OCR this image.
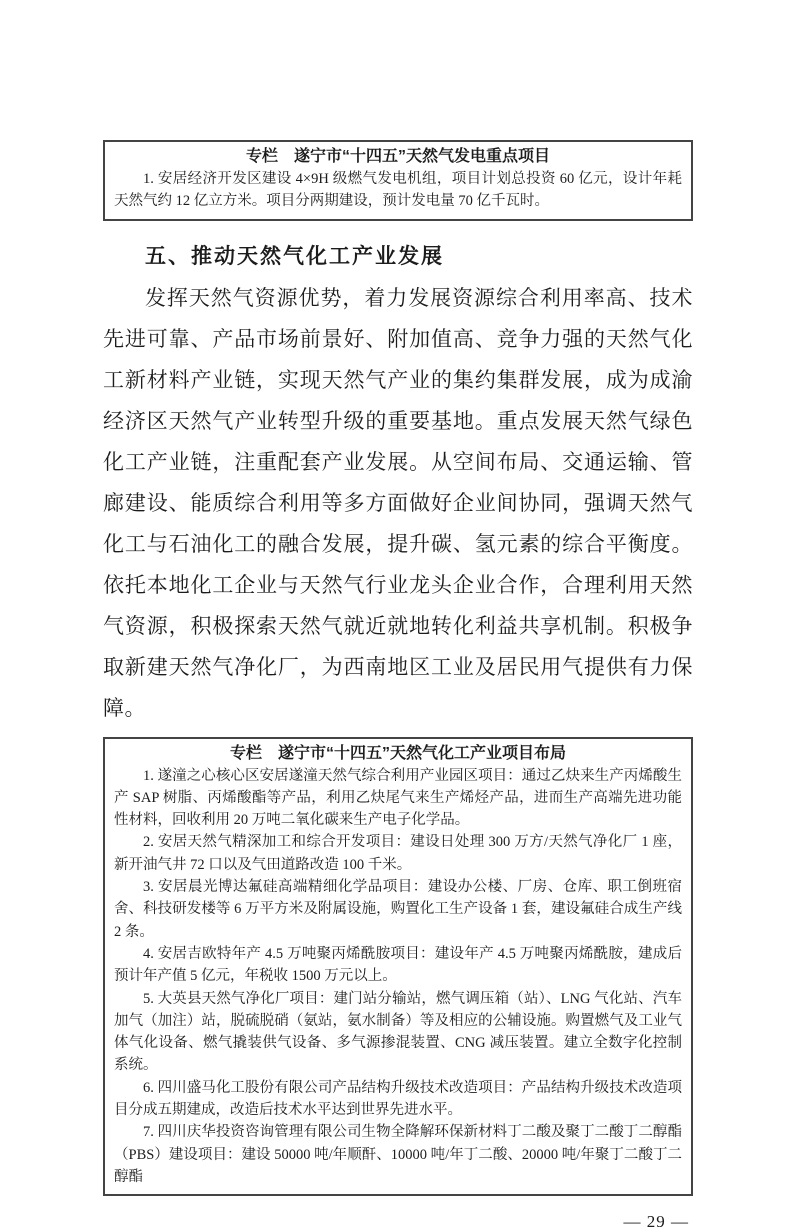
专栏　遂宁市“十四五”天然气发电重点项目

1. 安居经济开发区建设 4×9H 级燃气发电机组，项目计划总投资 60 亿元，设计年耗天然气约 12 亿立方米。项目分两期建设，预计发电量 70 亿千瓦时。

五、推动天然气化工产业发展

发挥天然气资源优势，着力发展资源综合利用率高、技术先进可靠、产品市场前景好、附加值高、竞争力强的天然气化工新材料产业链，实现天然气产业的集约集群发展，成为成渝经济区天然气产业转型升级的重要基地。重点发展天然气绿色化工产业链，注重配套产业发展。从空间布局、交通运输、管廊建设、能质综合利用等多方面做好企业间协同，强调天然气化工与石油化工的融合发展，提升碳、氢元素的综合平衡度。依托本地化工企业与天然气行业龙头企业合作，合理利用天然气资源，积极探索天然气就近就地转化利益共享机制。积极争取新建天然气净化厂，为西南地区工业及居民用气提供有力保障。

专栏　遂宁市“十四五”天然气化工产业项目布局

1. 遂潼之心核心区安居遂潼天然气综合利用产业园区项目：通过乙炔来生产丙烯酸生产 SAP 树脂、丙烯酸酯等产品，利用乙炔尾气来生产烯烃产品，进而生产高端先进功能性材料，回收利用 20 万吨二氧化碳来生产电子化学品。

2. 安居天然气精深加工和综合开发项目：建设日处理 300 万方/天然气净化厂 1 座，新开油气井 72 口以及气田道路改造 100 千米。

3. 安居晨光博达氟硅高端精细化学品项目：建设办公楼、厂房、仓库、职工倒班宿舍、科技研发楼等 6 万平方米及附属设施，购置化工生产设备 1 套，建设氟硅合成生产线 2 条。

4. 安居吉欧特年产 4.5 万吨聚丙烯酰胺项目：建设年产 4.5 万吨聚丙烯酰胺，建成后预计年产值 5 亿元，年税收 1500 万元以上。

5. 大英县天然气净化厂项目：建门站分输站，燃气调压箱（站）、LNG 气化站、汽车加气（加注）站，脱硫脱硝（氨站，氨水制备）等及相应的公辅设施。购置燃气及工业气体气化设备、燃气撬装供气设备、多气源掺混装置、CNG 减压装置。建立全数字化控制系统。

6. 四川盛马化工股份有限公司产品结构升级技术改造项目：产品结构升级技术改造项目分成五期建成，改造后技术水平达到世界先进水平。

7. 四川庆华投资咨询管理有限公司生物全降解环保新材料丁二酸及聚丁二酸丁二醇酯（PBS）建设项目：建设 50000 吨/年顺酐、10000 吨/年丁二酸、20000 吨/年聚丁二酸丁二醇酯

— 29 —
